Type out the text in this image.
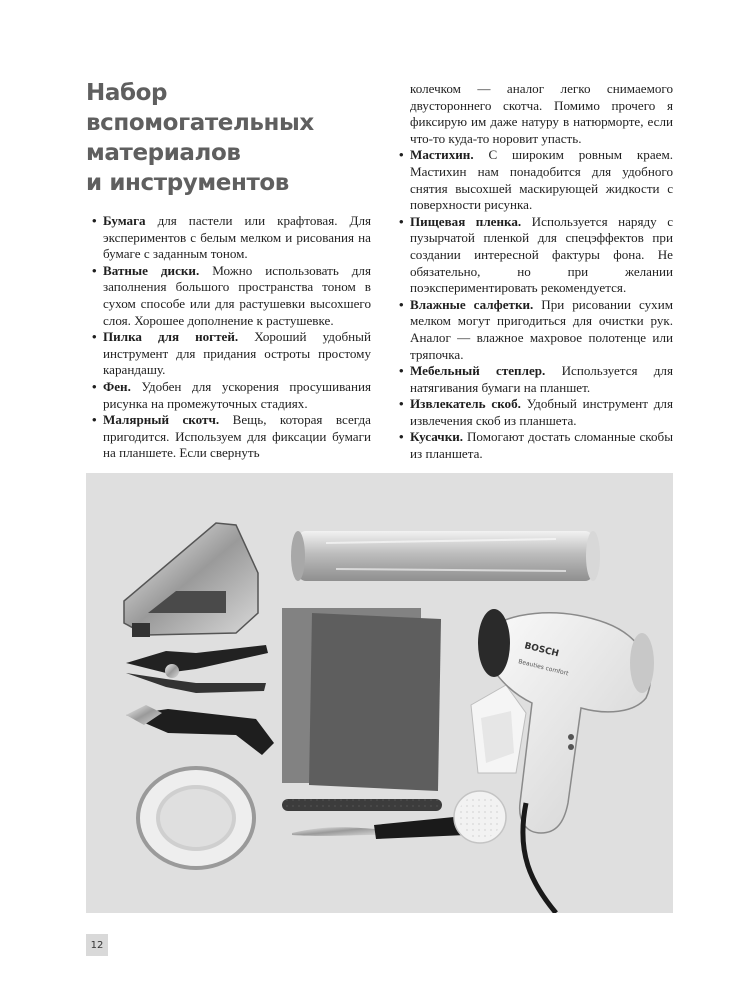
Набор
вспомогательных
материалов
и инструментов
• Бумага для пастели или крафтовая. Для экспериментов с белым мелком и рисования на бумаге с заданным тоном.
• Ватные диски. Можно использовать для заполнения большого пространства тоном в сухом способе или для растушевки высохшего слоя. Хорошее дополнение к растушевке.
• Пилка для ногтей. Хороший удобный инструмент для придания остроты простому карандашу.
• Фен. Удобен для ускорения просушивания рисунка на промежуточных стадиях.
• Малярный скотч. Вещь, которая всегда пригодится. Используем для фиксации бумаги на планшете. Если свернуть
колечком — аналог легко снимаемого двустороннего скотча. Помимо прочего я фиксирую им даже натуру в натюрморте, если что-то куда-то норовит упасть.
• Мастихин. С широким ровным краем. Мастихин нам понадобится для удобного снятия высохшей маскирующей жидкости с поверхности рисунка.
• Пищевая пленка. Используется наряду с пузырчатой пленкой для спецэффектов при создании интересной фактуры фона. Не обязательно, но при желании поэкспериментировать рекомендуется.
• Влажные салфетки. При рисовании сухим мелком могут пригодиться для очистки рук. Аналог — влажное махровое полотенце или тряпочка.
• Мебельный степлер. Используется для натягивания бумаги на планшет.
• Извлекатель скоб. Удобный инструмент для извлечения скоб из планшета.
• Кусачки. Помогают достать сломанные скобы из планшета.
BOSCH
Beauties comfort
12
